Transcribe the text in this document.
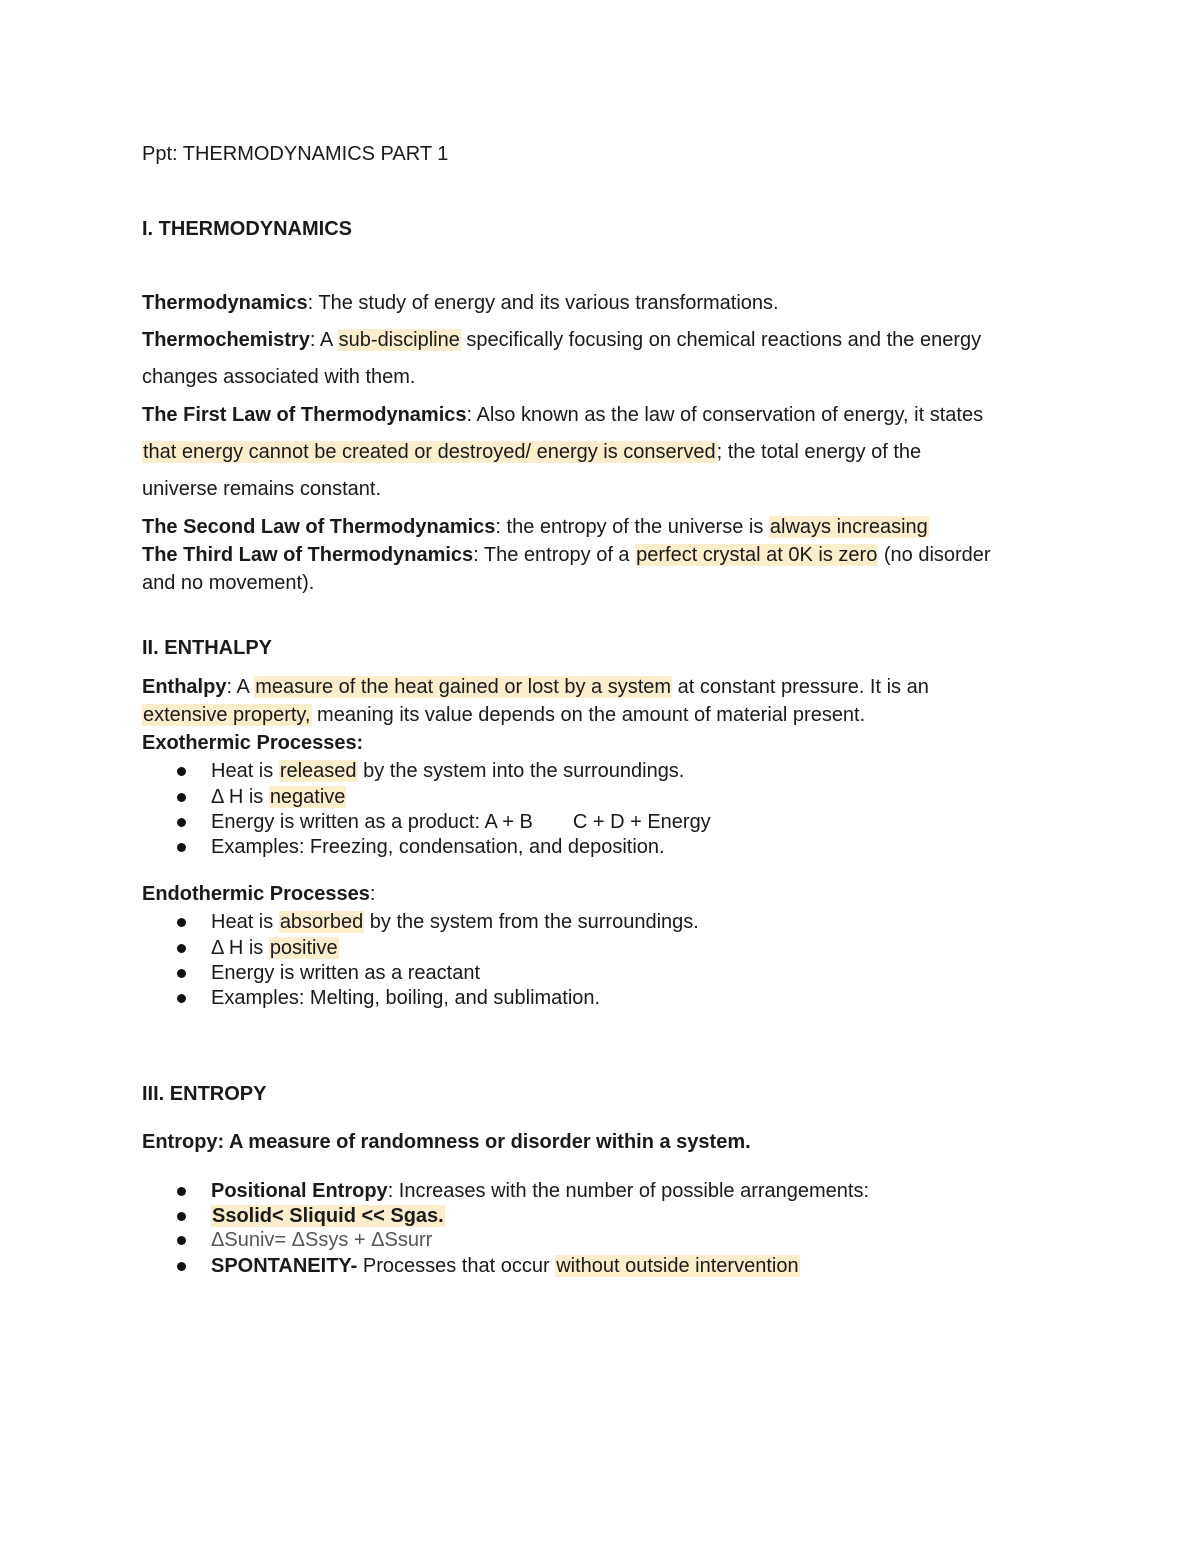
Ppt: THERMODYNAMICS PART 1
I. THERMODYNAMICS
Thermodynamics: The study of energy and its various transformations.
Thermochemistry: A sub-discipline specifically focusing on chemical reactions and the energy
changes associated with them.
The First Law of Thermodynamics: Also known as the law of conservation of energy, it states
that energy cannot be created or destroyed/ energy is conserved; the total energy of the
universe remains constant.
The Second Law of Thermodynamics: the entropy of the universe is always increasing
The Third Law of Thermodynamics: The entropy of a perfect crystal at 0K is zero (no disorder
and no movement).
II. ENTHALPY
Enthalpy: A measure of the heat gained or lost by a system at constant pressure. It is an
extensive property, meaning its value depends on the amount of material present.
Exothermic Processes:
Heat is released by the system into the surroundings.
Δ H is negative
Energy is written as a product: A + B C + D + Energy
Examples: Freezing, condensation, and deposition.
Endothermic Processes:
Heat is absorbed by the system from the surroundings.
Δ H is positive
Energy is written as a reactant
Examples: Melting, boiling, and sublimation.
III. ENTROPY
Entropy: A measure of randomness or disorder within a system.
Positional Entropy: Increases with the number of possible arrangements:
Ssolid< Sliquid << Sgas.
ΔSuniv= ΔSsys + ΔSsurr
SPONTANEITY- Processes that occur without outside intervention
